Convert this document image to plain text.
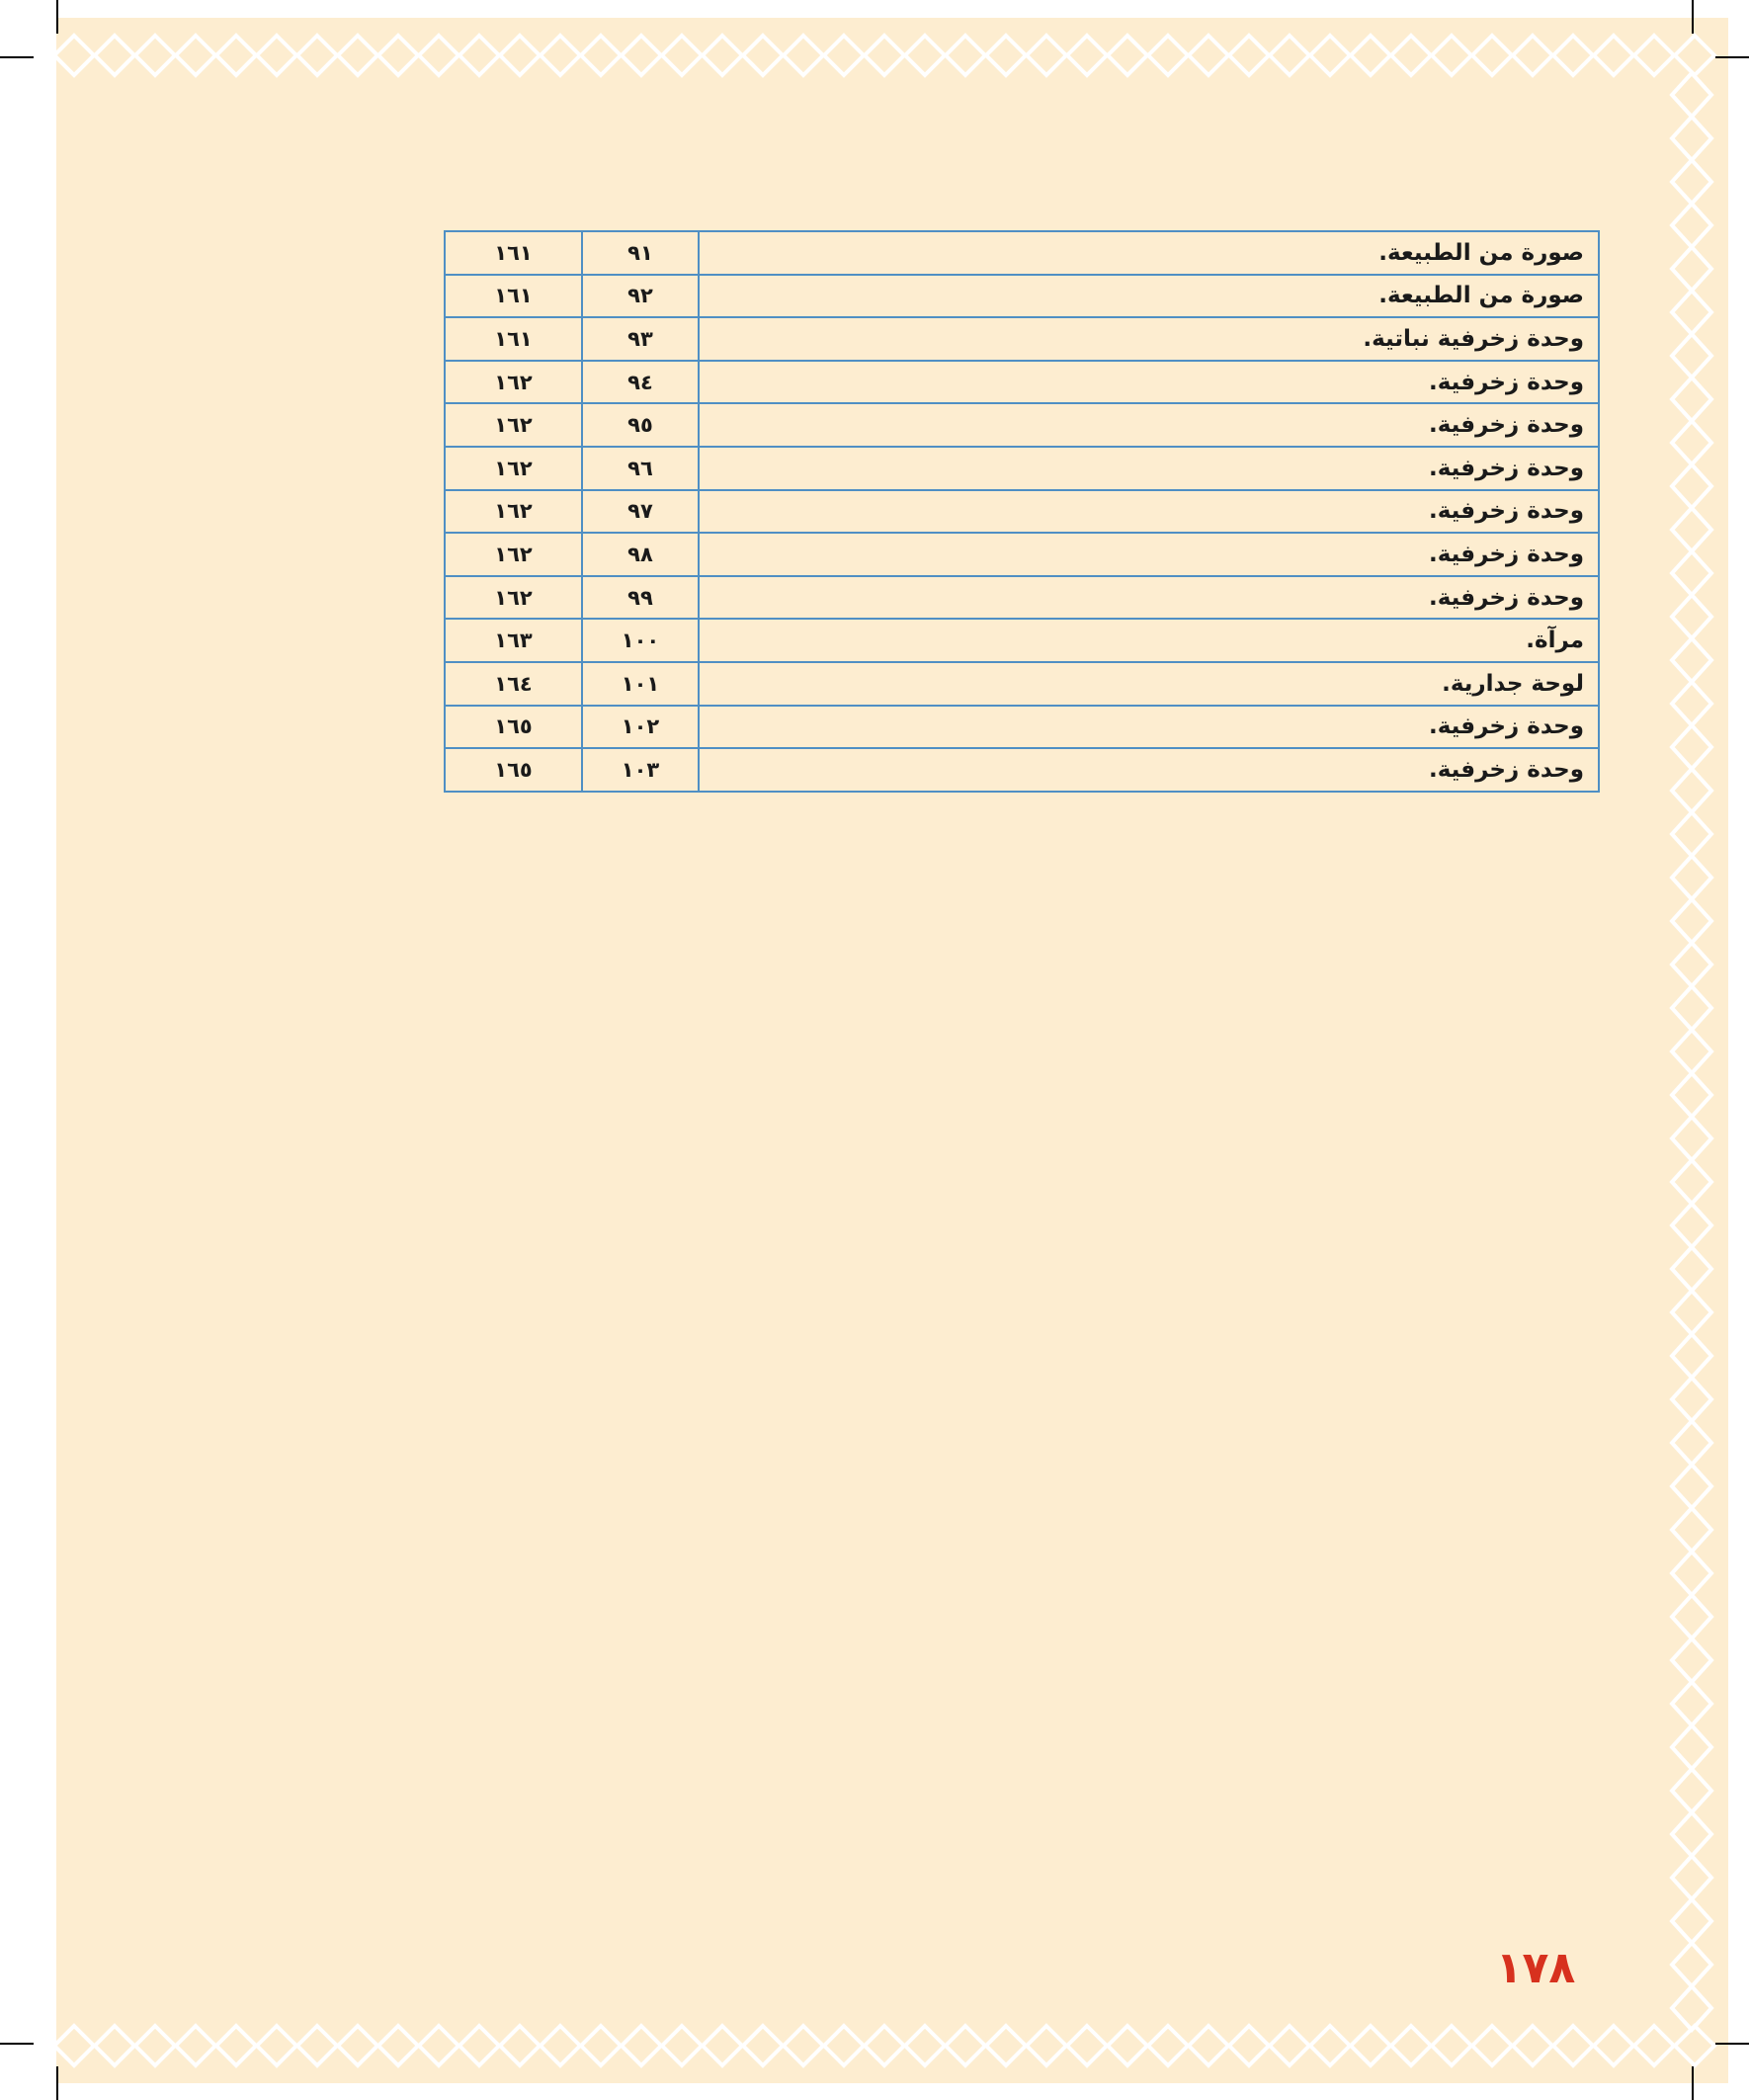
صورة من الطبيعة.	٩١	١٦١
صورة من الطبيعة.	٩٢	١٦١
وحدة زخرفية نباتية.	٩٣	١٦١
وحدة زخرفية.	٩٤	١٦٢
وحدة زخرفية.	٩٥	١٦٢
وحدة زخرفية.	٩٦	١٦٢
وحدة زخرفية.	٩٧	١٦٢
وحدة زخرفية.	٩٨	١٦٢
وحدة زخرفية.	٩٩	١٦٢
مرآة.	١٠٠	١٦٣
لوحة جدارية.	١٠١	١٦٤
وحدة زخرفية.	١٠٢	١٦٥
وحدة زخرفية.	١٠٣	١٦٥
١٧٨
